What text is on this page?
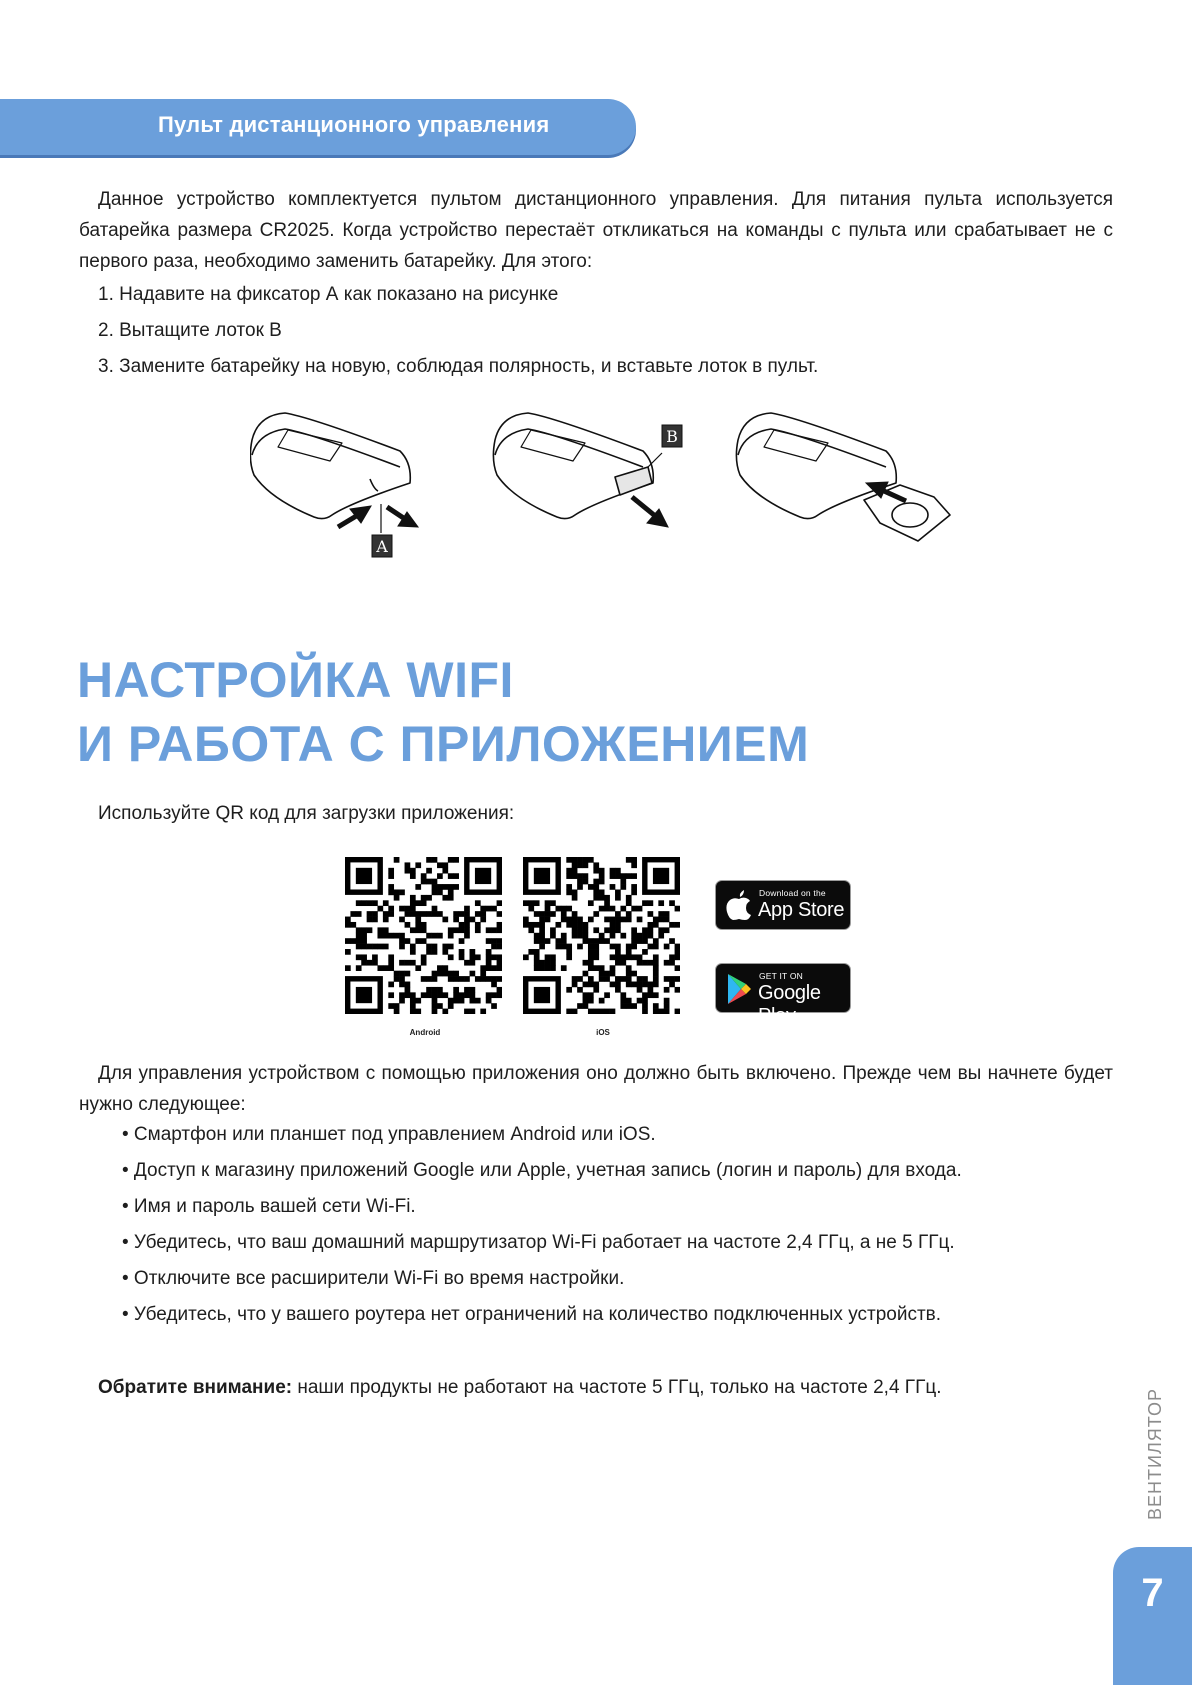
Пульт дистанционного управления

Данное устройство комплектуется пультом дистанционного управления. Для питания пульта используется батарейка размера CR2025. Когда устройство перестаёт откликаться на команды с пульта или срабатывает не с первого раза, необходимо заменить батарейку. Для этого:

1. Надавите на фиксатор А как показано на рисунке
2. Вытащите лоток B
3. Замените батарейку на новую, соблюдая полярность, и вставьте лоток в пульт.
A
B
НАСТРОЙКА WIFI
И РАБОТА С ПРИЛОЖЕНИЕМ

Используйте QR код для загрузки приложения:

Android	iOS
Download on the
App Store
GET IT ON
Google Play

Для управления устройством с помощью приложения оно должно быть включено. Прежде чем вы начнете будет нужно следующее:

• Смартфон или планшет под управлением Android или iOS.
• Доступ к магазину приложений Google или Apple, учетная запись (логин и пароль) для входа.
• Имя и пароль вашей сети Wi-Fi.
• Убедитесь, что ваш домашний маршрутизатор Wi-Fi работает на частоте 2,4 ГГц, а не 5 ГГц.
• Отключите все расширители Wi-Fi во время настройки.
• Убедитесь, что у вашего роутера нет ограничений на количество подключенных устройств.

Обратите внимание: наши продукты не работают на частоте 5 ГГц, только на частоте 2,4 ГГц.

ВЕНТИЛЯТОР
7
